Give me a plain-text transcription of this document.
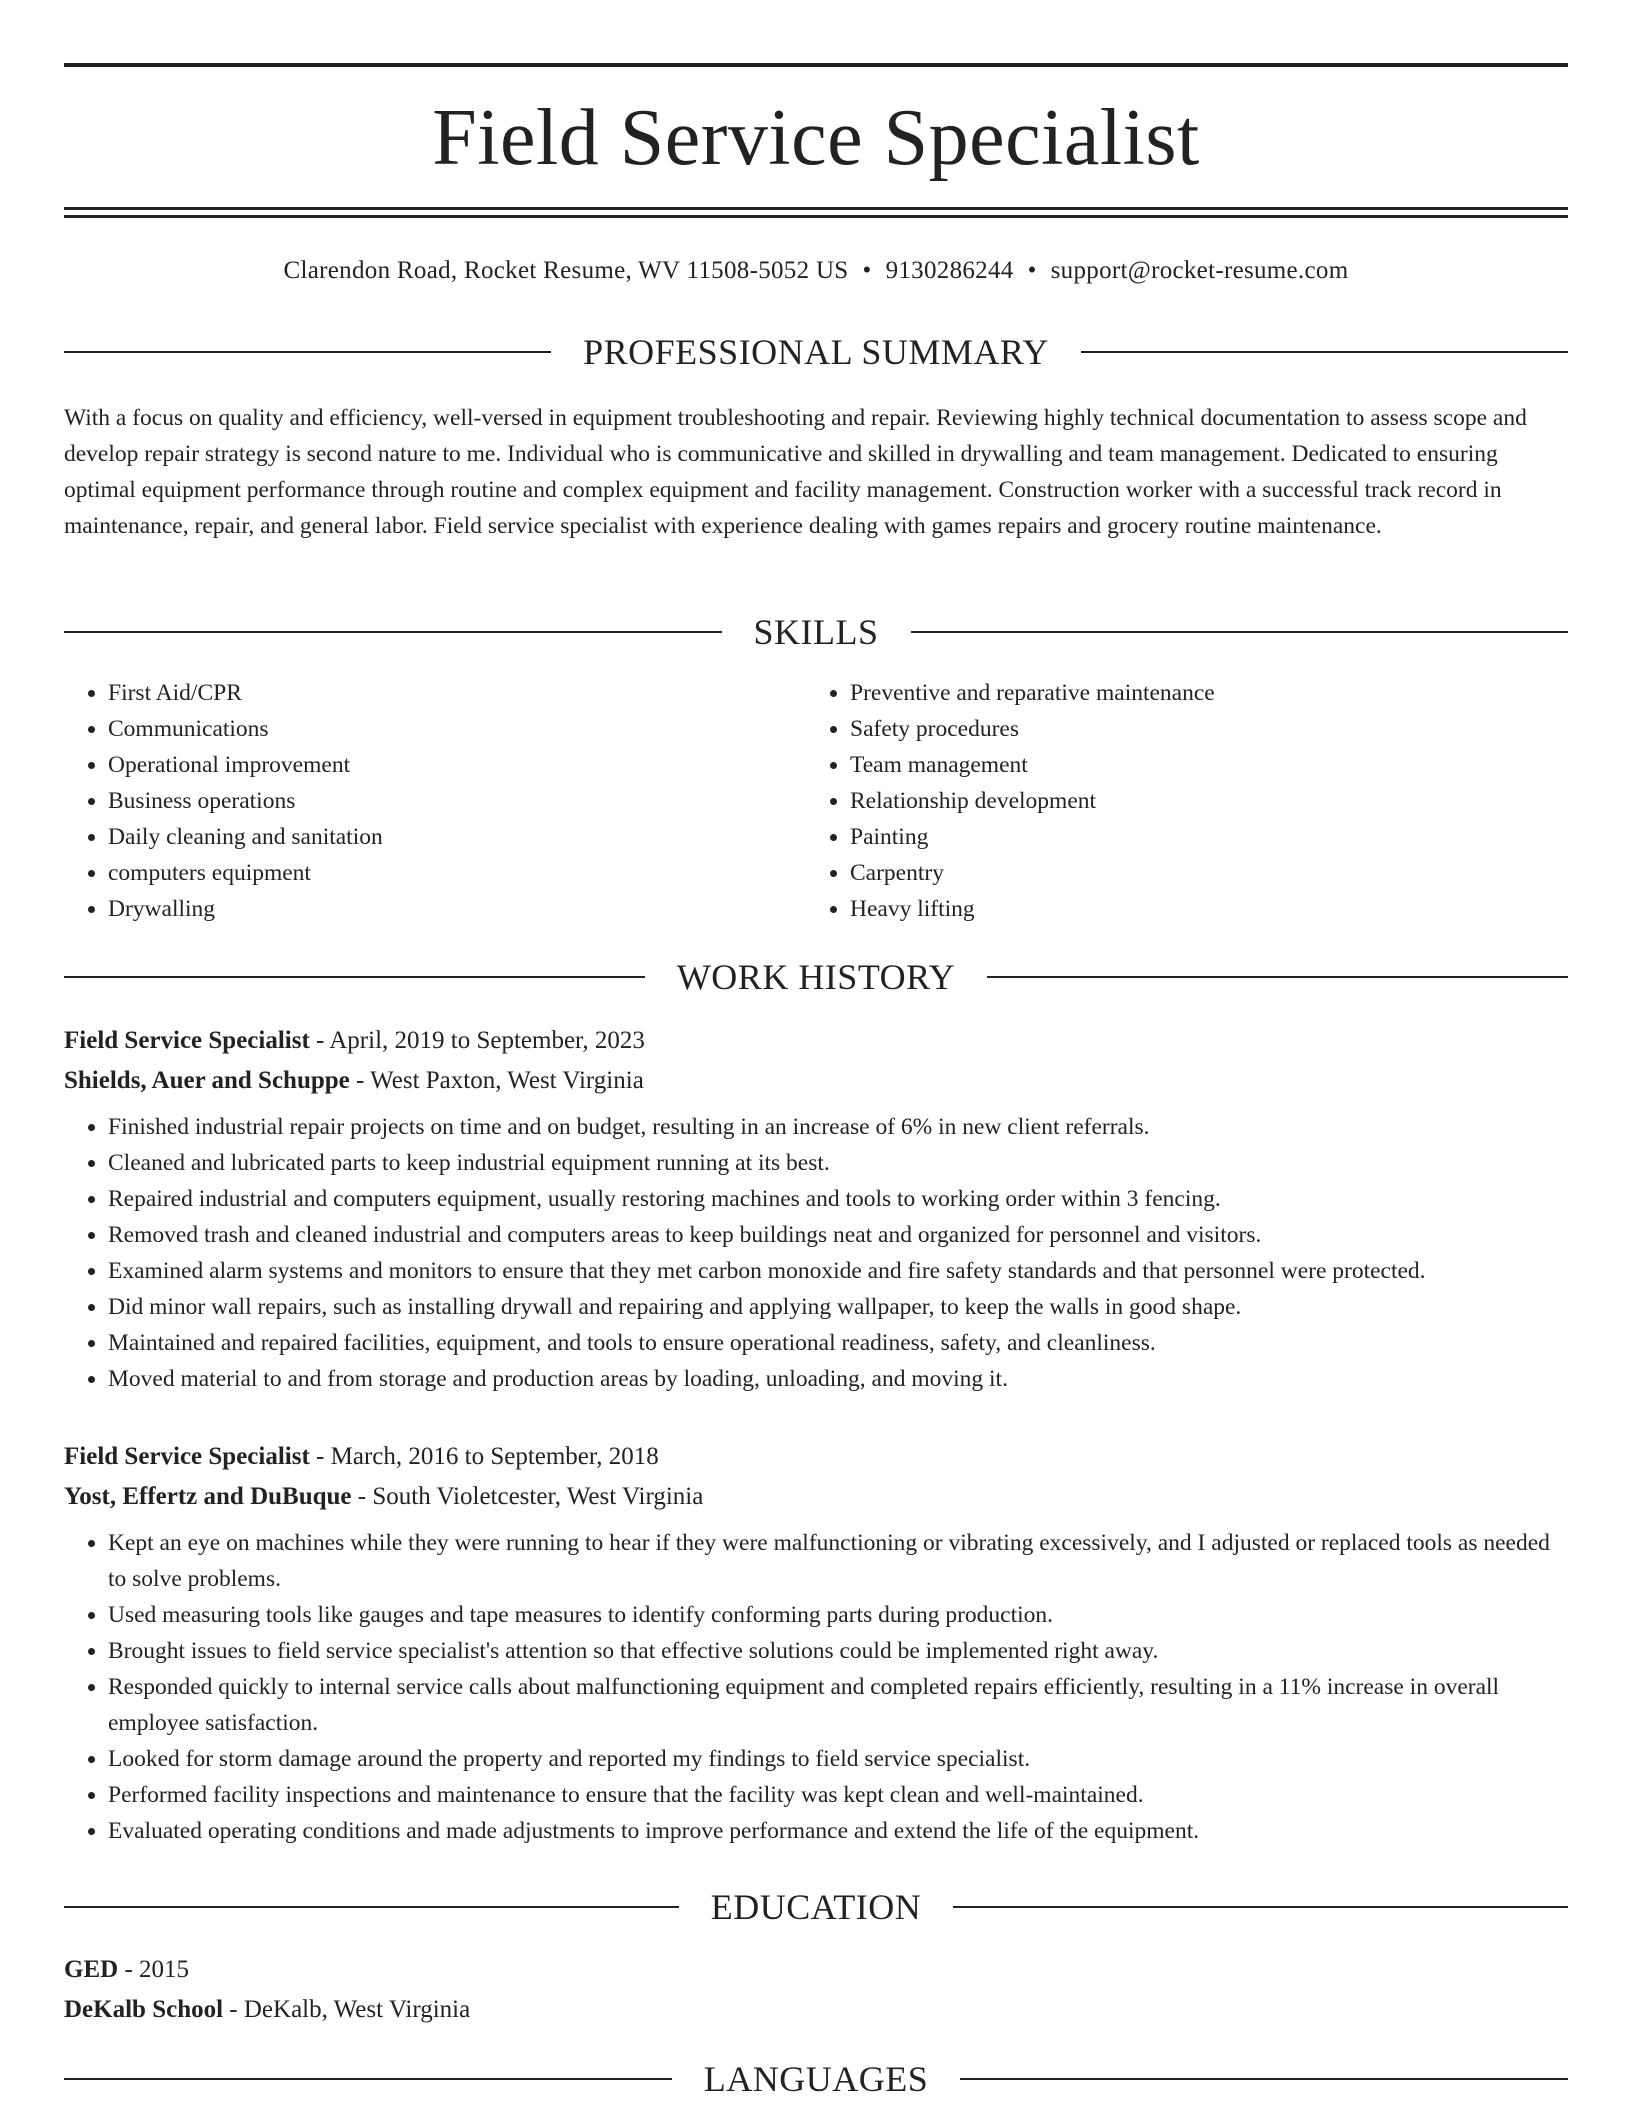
Field Service Specialist
Clarendon Road, Rocket Resume, WV 11508-5052 US • 9130286244 • support@rocket-resume.com
PROFESSIONAL SUMMARY

With a focus on quality and efficiency, well-versed in equipment troubleshooting and repair. Reviewing highly technical documentation to assess scope and develop repair strategy is second nature to me. Individual who is communicative and skilled in drywalling and team management. Dedicated to ensuring optimal equipment performance through routine and complex equipment and facility management. Construction worker with a successful track record in maintenance, repair, and general labor. Field service specialist with experience dealing with games repairs and grocery routine maintenance.

SKILLS
• First Aid/CPR
• Communications
• Operational improvement
• Business operations
• Daily cleaning and sanitation
• computers equipment
• Drywalling
• Preventive and reparative maintenance
• Safety procedures
• Team management
• Relationship development
• Painting
• Carpentry
• Heavy lifting
WORK HISTORY
Field Service Specialist - April, 2019 to September, 2023
Shields, Auer and Schuppe - West Paxton, West Virginia
• Finished industrial repair projects on time and on budget, resulting in an increase of 6% in new client referrals.
• Cleaned and lubricated parts to keep industrial equipment running at its best.
• Repaired industrial and computers equipment, usually restoring machines and tools to working order within 3 fencing.
• Removed trash and cleaned industrial and computers areas to keep buildings neat and organized for personnel and visitors.
• Examined alarm systems and monitors to ensure that they met carbon monoxide and fire safety standards and that personnel were protected.
• Did minor wall repairs, such as installing drywall and repairing and applying wallpaper, to keep the walls in good shape.
• Maintained and repaired facilities, equipment, and tools to ensure operational readiness, safety, and cleanliness.
• Moved material to and from storage and production areas by loading, unloading, and moving it.
Field Service Specialist - March, 2016 to September, 2018
Yost, Effertz and DuBuque - South Violetcester, West Virginia
• Kept an eye on machines while they were running to hear if they were malfunctioning or vibrating excessively, and I adjusted or replaced tools as needed to solve problems.
• Used measuring tools like gauges and tape measures to identify conforming parts during production.
• Brought issues to field service specialist's attention so that effective solutions could be implemented right away.
• Responded quickly to internal service calls about malfunctioning equipment and completed repairs efficiently, resulting in a 11% increase in overall employee satisfaction.
• Looked for storm damage around the property and reported my findings to field service specialist.
• Performed facility inspections and maintenance to ensure that the facility was kept clean and well-maintained.
• Evaluated operating conditions and made adjustments to improve performance and extend the life of the equipment.
EDUCATION
GED - 2015
DeKalb School - DeKalb, West Virginia
LANGUAGES
